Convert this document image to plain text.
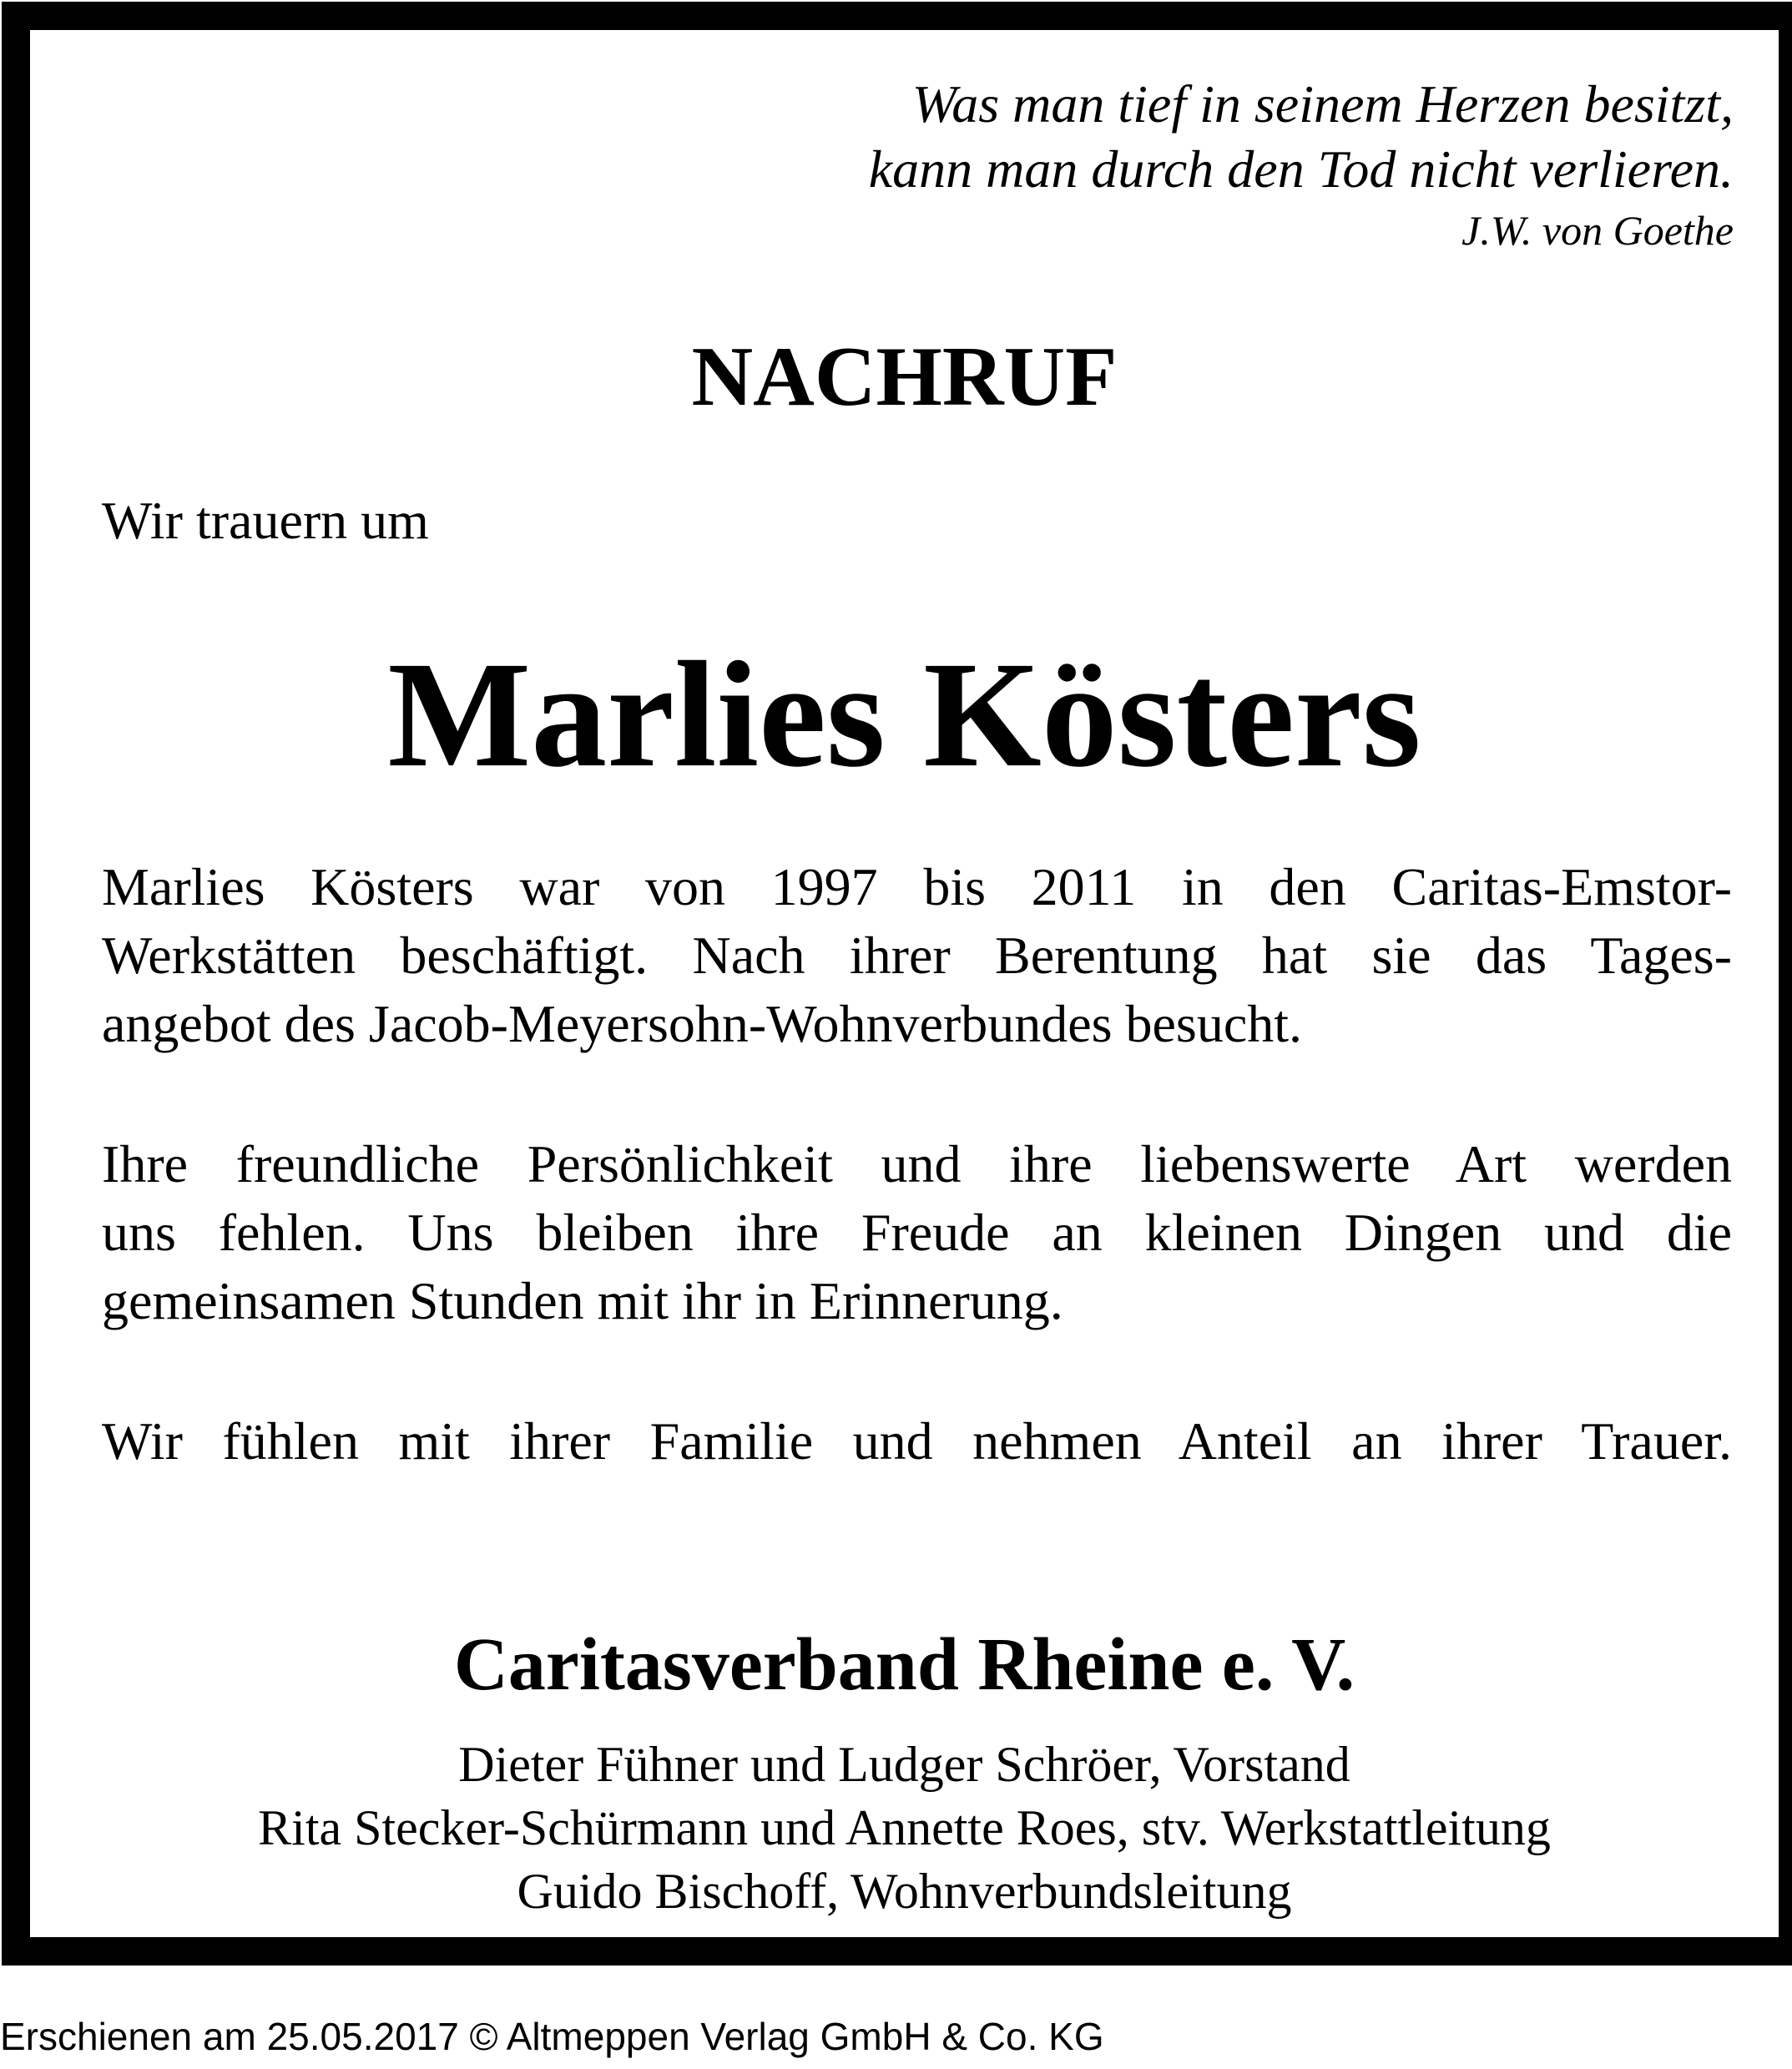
Was man tief in seinem Herzen besitzt,
kann man durch den Tod nicht verlieren.
J.W. von Goethe
NACHRUF
Wir trauern um
Marlies Kösters
Marlies Kösters war von 1997 bis 2011 in den Caritas-Emstor-
Werkstätten beschäftigt. Nach ihrer Berentung hat sie das Tages-
angebot des Jacob-Meyersohn-Wohnverbundes besucht.
Ihre freundliche Persönlichkeit und ihre liebenswerte Art werden
uns fehlen. Uns bleiben ihre Freude an kleinen Dingen und die
gemeinsamen Stunden mit ihr in Erinnerung.
Wir fühlen mit ihrer Familie und nehmen Anteil an ihrer Trauer.
Caritasverband Rheine e. V.
Dieter Fühner und Ludger Schröer, Vorstand
Rita Stecker-Schürmann und Annette Roes, stv. Werkstattleitung
Guido Bischoff, Wohnverbundsleitung
Erschienen am 25.05.2017 © Altmeppen Verlag GmbH & Co. KG
